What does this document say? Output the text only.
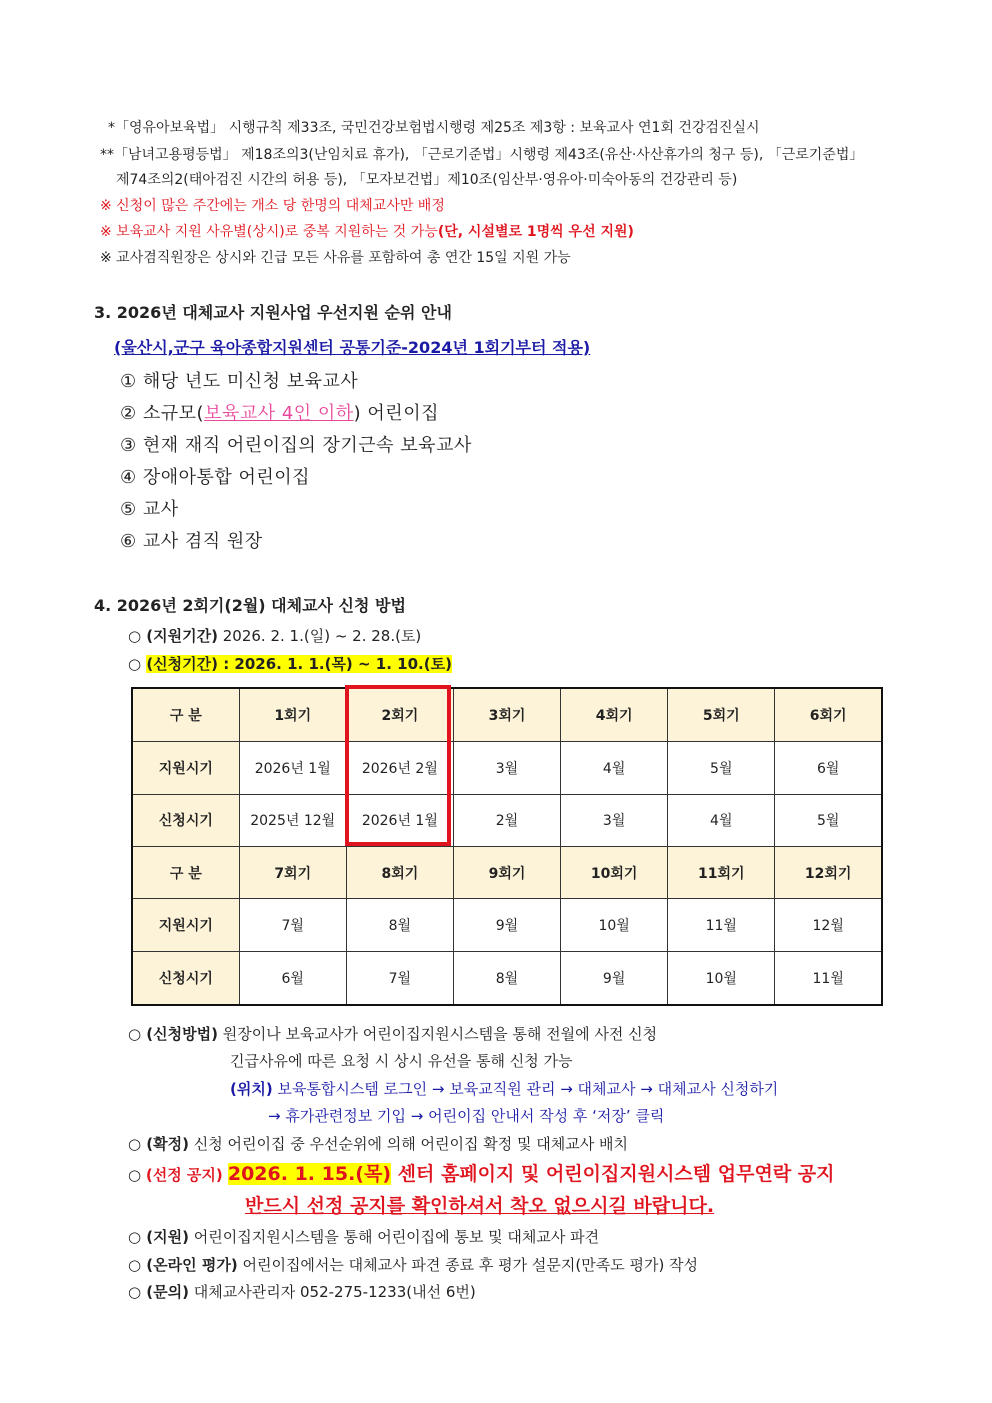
*「영유아보육법」 시행규칙 제33조, 국민건강보험법시행령 제25조 제3항 : 보육교사 연1회 건강검진실시
**「남녀고용평등법」 제18조의3(난임치료 휴가), 「근로기준법」시행령 제43조(유산·사산휴가의 청구 등), 「근로기준법」
제74조의2(태아검진 시간의 허용 등), 「모자보건법」제10조(임산부·영유아·미숙아동의 건강관리 등)
※ 신청이 많은 주간에는 개소 당 한명의 대체교사만 배정
※ 보육교사 지원 사유별(상시)로 중복 지원하는 것 가능(단, 시설별로 1명씩 우선 지원)
※ 교사겸직원장은 상시와 긴급 모든 사유를 포함하여 총 연간 15일 지원 가능
3. 2026년 대체교사 지원사업 우선지원 순위 안내
(울산시,군구 육아종합지원센터 공통기준-2024년 1회기부터 적용)
① 해당 년도 미신청 보육교사
② 소규모(보육교사 4인 이하) 어린이집
③ 현재 재직 어린이집의 장기근속 보육교사
④ 장애아통합 어린이집
⑤ 교사
⑥ 교사 겸직 원장
4. 2026년 2회기(2월) 대체교사 신청 방법
○ (지원기간) 2026. 2. 1.(일) ~ 2. 28.(토)
○ (신청기간) : 2026. 1. 1.(목) ~ 1. 10.(토)
구 분	1회기	2회기	3회기	4회기	5회기	6회기
지원시기	2026년 1월	2026년 2월	3월	4월	5월	6월
신청시기	2025년 12월	2026년 1월	2월	3월	4월	5월
구 분	7회기	8회기	9회기	10회기	11회기	12회기
지원시기	7월	8월	9월	10월	11월	12월
신청시기	6월	7월	8월	9월	10월	11월
○ (신청방법) 원장이나 보육교사가 어린이집지원시스템을 통해 전월에 사전 신청
긴급사유에 따른 요청 시 상시 유선을 통해 신청 가능
(위치) 보육통합시스템 로그인 → 보육교직원 관리 → 대체교사 → 대체교사 신청하기
→ 휴가관련정보 기입 → 어린이집 안내서 작성 후 ‘저장’ 클릭
○ (확정) 신청 어린이집 중 우선순위에 의해 어린이집 확정 및 대체교사 배치
○ (선정 공지) 2026. 1. 15.(목) 센터 홈페이지 및 어린이집지원시스템 업무연락 공지
반드시 선정 공지를 확인하셔서 착오 없으시길 바랍니다.
○ (지원) 어린이집지원시스템을 통해 어린이집에 통보 및 대체교사 파견
○ (온라인 평가) 어린이집에서는 대체교사 파견 종료 후 평가 설문지(만족도 평가) 작성
○ (문의) 대체교사관리자 052-275-1233(내선 6번)
